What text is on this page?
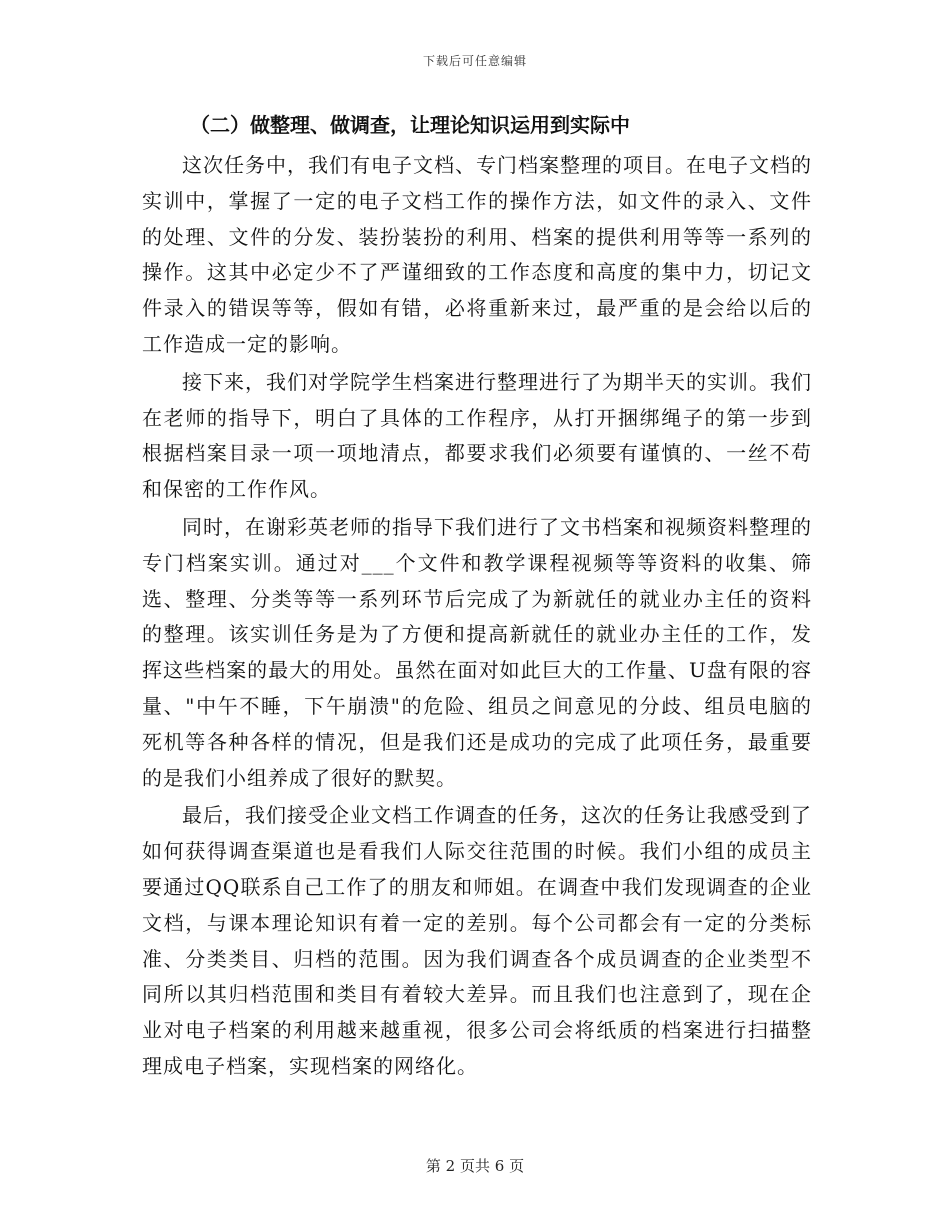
下载后可任意编辑
（二）做整理、做调查，让理论知识运用到实际中

这次任务中，我们有电子文档、专门档案整理的项目。在电子文档的实训中，掌握了一定的电子文档工作的操作方法，如文件的录入、文件的处理、文件的分发、装扮装扮的利用、档案的提供利用等等一系列的操作。这其中必定少不了严谨细致的工作态度和高度的集中力，切记文件录入的错误等等，假如有错，必将重新来过，最严重的是会给以后的工作造成一定的影响。

接下来，我们对学院学生档案进行整理进行了为期半天的实训。我们在老师的指导下，明白了具体的工作程序，从打开捆绑绳子的第一步到根据档案目录一项一项地清点，都要求我们必须要有谨慎的、一丝不苟和保密的工作作风。

同时，在谢彩英老师的指导下我们进行了文书档案和视频资料整理的专门档案实训。通过对___个文件和教学课程视频等等资料的收集、筛选、整理、分类等等一系列环节后完成了为新就任的就业办主任的资料的整理。该实训任务是为了方便和提高新就任的就业办主任的工作，发挥这些档案的最大的用处。虽然在面对如此巨大的工作量、U盘有限的容量、"中午不睡，下午崩溃"的危险、组员之间意见的分歧、组员电脑的死机等各种各样的情况，但是我们还是成功的完成了此项任务，最重要的是我们小组养成了很好的默契。

最后，我们接受企业文档工作调查的任务，这次的任务让我感受到了如何获得调查渠道也是看我们人际交往范围的时候。我们小组的成员主要通过QQ联系自己工作了的朋友和师姐。在调查中我们发现调查的企业文档，与课本理论知识有着一定的差别。每个公司都会有一定的分类标准、分类类目、归档的范围。因为我们调查各个成员调查的企业类型不同所以其归档范围和类目有着较大差异。而且我们也注意到了，现在企业对电子档案的利用越来越重视，很多公司会将纸质的档案进行扫描整理成电子档案，实现档案的网络化。

第 2 页共 6 页
